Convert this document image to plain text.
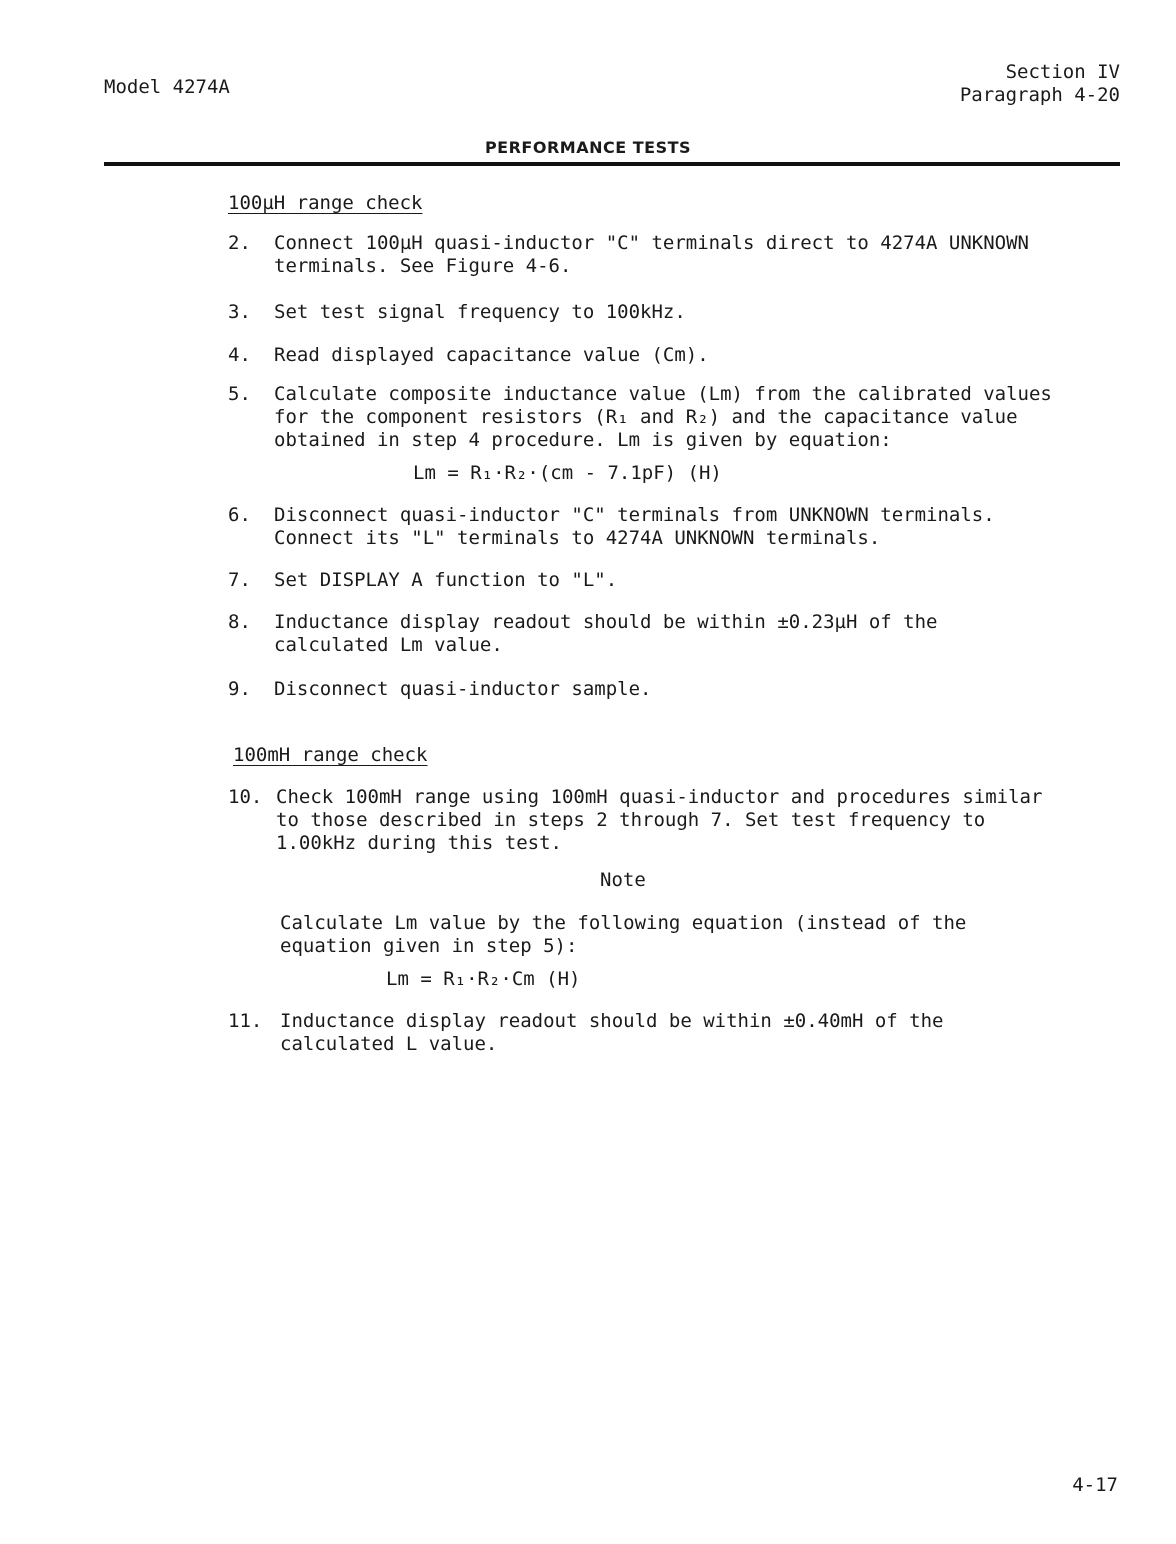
Model 4274A
Section IV
Paragraph 4-20
PERFORMANCE TESTS
100µH range check
2. Connect 100µH quasi-inductor "C" terminals direct to 4274A UNKNOWN terminals. See Figure 4-6.
3. Set test signal frequency to 100kHz.
4. Read displayed capacitance value (Cm).
5. Calculate composite inductance value (Lm) from the calibrated values for the component resistors (R₁ and R₂) and the capacitance value obtained in step 4 procedure. Lm is given by equation:
Lm = R₁·R₂·(cm - 7.1pF) (H)
6. Disconnect quasi-inductor "C" terminals from UNKNOWN terminals. Connect its "L" terminals to 4274A UNKNOWN terminals.
7. Set DISPLAY A function to "L".
8. Inductance display readout should be within ±0.23µH of the calculated Lm value.
9. Disconnect quasi-inductor sample.
100mH range check
10. Check 100mH range using 100mH quasi-inductor and procedures similar to those described in steps 2 through 7. Set test frequency to 1.00kHz during this test.
Note
Calculate Lm value by the following equation (instead of the equation given in step 5):
Lm = R₁·R₂·Cm (H)
11. Inductance display readout should be within ±0.40mH of the calculated L value.
4-17
